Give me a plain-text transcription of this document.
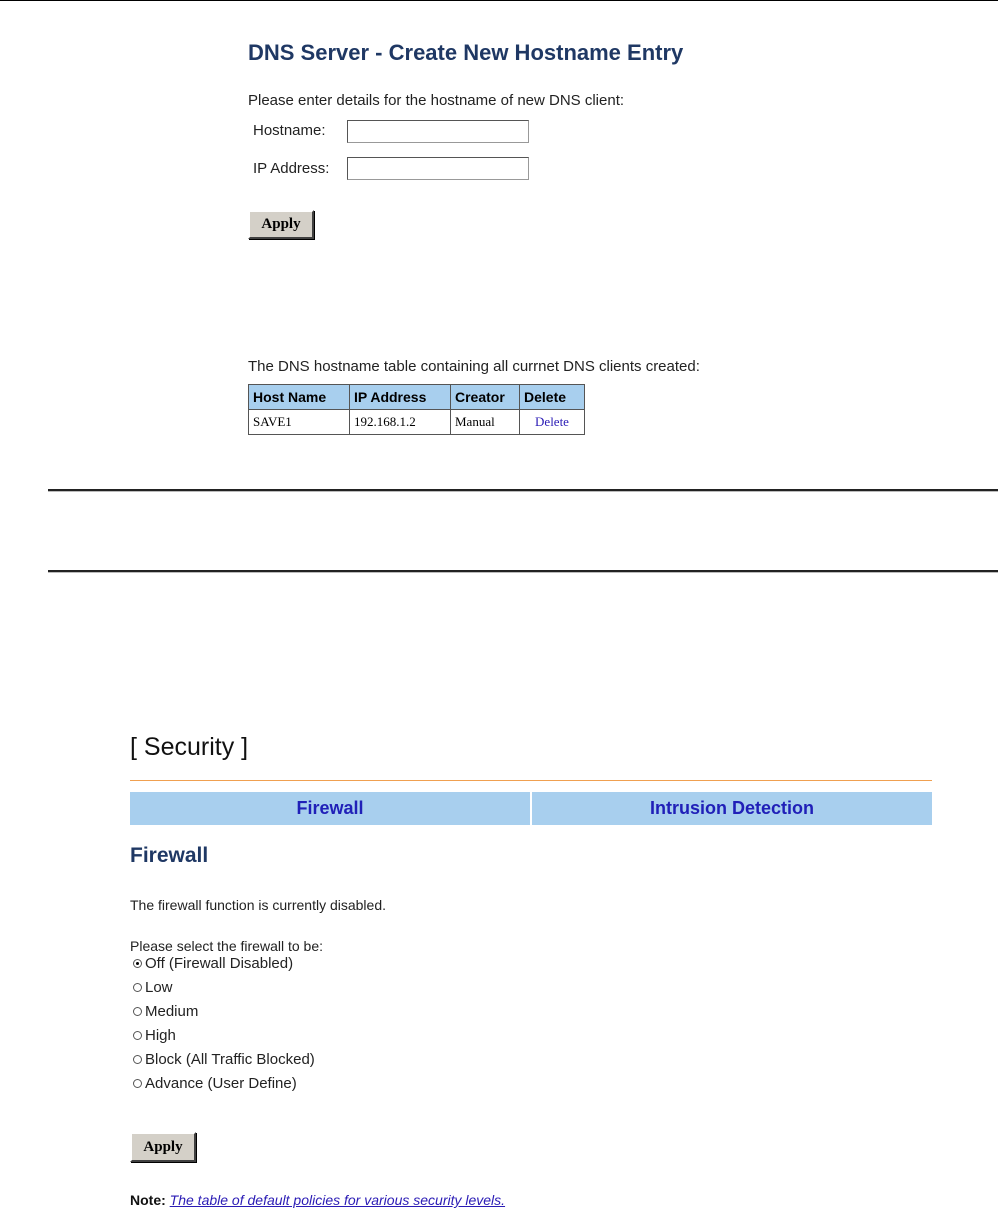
DNS Server - Create New Hostname Entry
Please enter details for the hostname of new DNS client:
Hostname:
IP Address:
Apply
The DNS hostname table containing all currnet DNS clients created:
Host Name	IP Address	Creator	Delete
SAVE1	192.168.1.2	Manual	Delete
[ Security ]
Firewall	Intrusion Detection
Firewall
The firewall function is currently disabled.
Please select the firewall to be:
Off (Firewall Disabled)
Low
Medium
High
Block (All Traffic Blocked)
Advance (User Define)
Apply
Note: The table of default policies for various security levels.
